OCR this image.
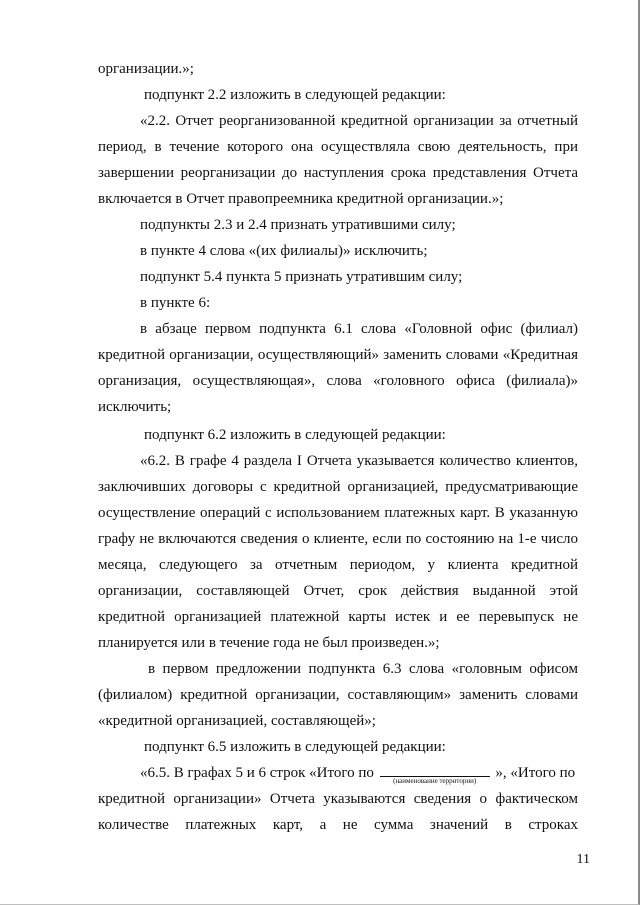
организации.»;
подпункт 2.2 изложить в следующей редакции:
«2.2. Отчет реорганизованной кредитной организации за отчетный
период, в течение которого она осуществляла свою деятельность, при
завершении реорганизации до наступления срока представления Отчета
включается в Отчет правопреемника кредитной организации.»;
подпункты 2.3 и 2.4 признать утратившими силу;
в пункте 4 слова «(их филиалы)» исключить;
подпункт 5.4 пункта 5 признать утратившим силу;
в пункте 6:
в абзаце первом подпункта 6.1 слова «Головной офис (филиал)
кредитной организации, осуществляющий» заменить словами «Кредитная
организация, осуществляющая», слова «головного офиса (филиала)»
исключить;
подпункт 6.2 изложить в следующей редакции:
«6.2. В графе 4 раздела I Отчета указывается количество клиентов,
заключивших договоры с кредитной организацией, предусматривающие
осуществление операций с использованием платежных карт. В указанную
графу не включаются сведения о клиенте, если по состоянию на 1-е число
месяца, следующего за отчетным периодом, у клиента кредитной
организации, составляющей Отчет, срок действия выданной этой
кредитной организацией платежной карты истек и ее перевыпуск не
планируется или в течение года не был произведен.»;
в первом предложении подпункта 6.3 слова «головным офисом
(филиалом) кредитной организации, составляющим» заменить словами
«кредитной организацией, составляющей»;
подпункт 6.5 изложить в следующей редакции:
«6.5. В графах 5 и 6 строк «Итого по	(наименование территории)	», «Итого по
кредитной организации» Отчета указываются сведения о фактическом
количестве платежных карт, а не сумма значений в строках
11
